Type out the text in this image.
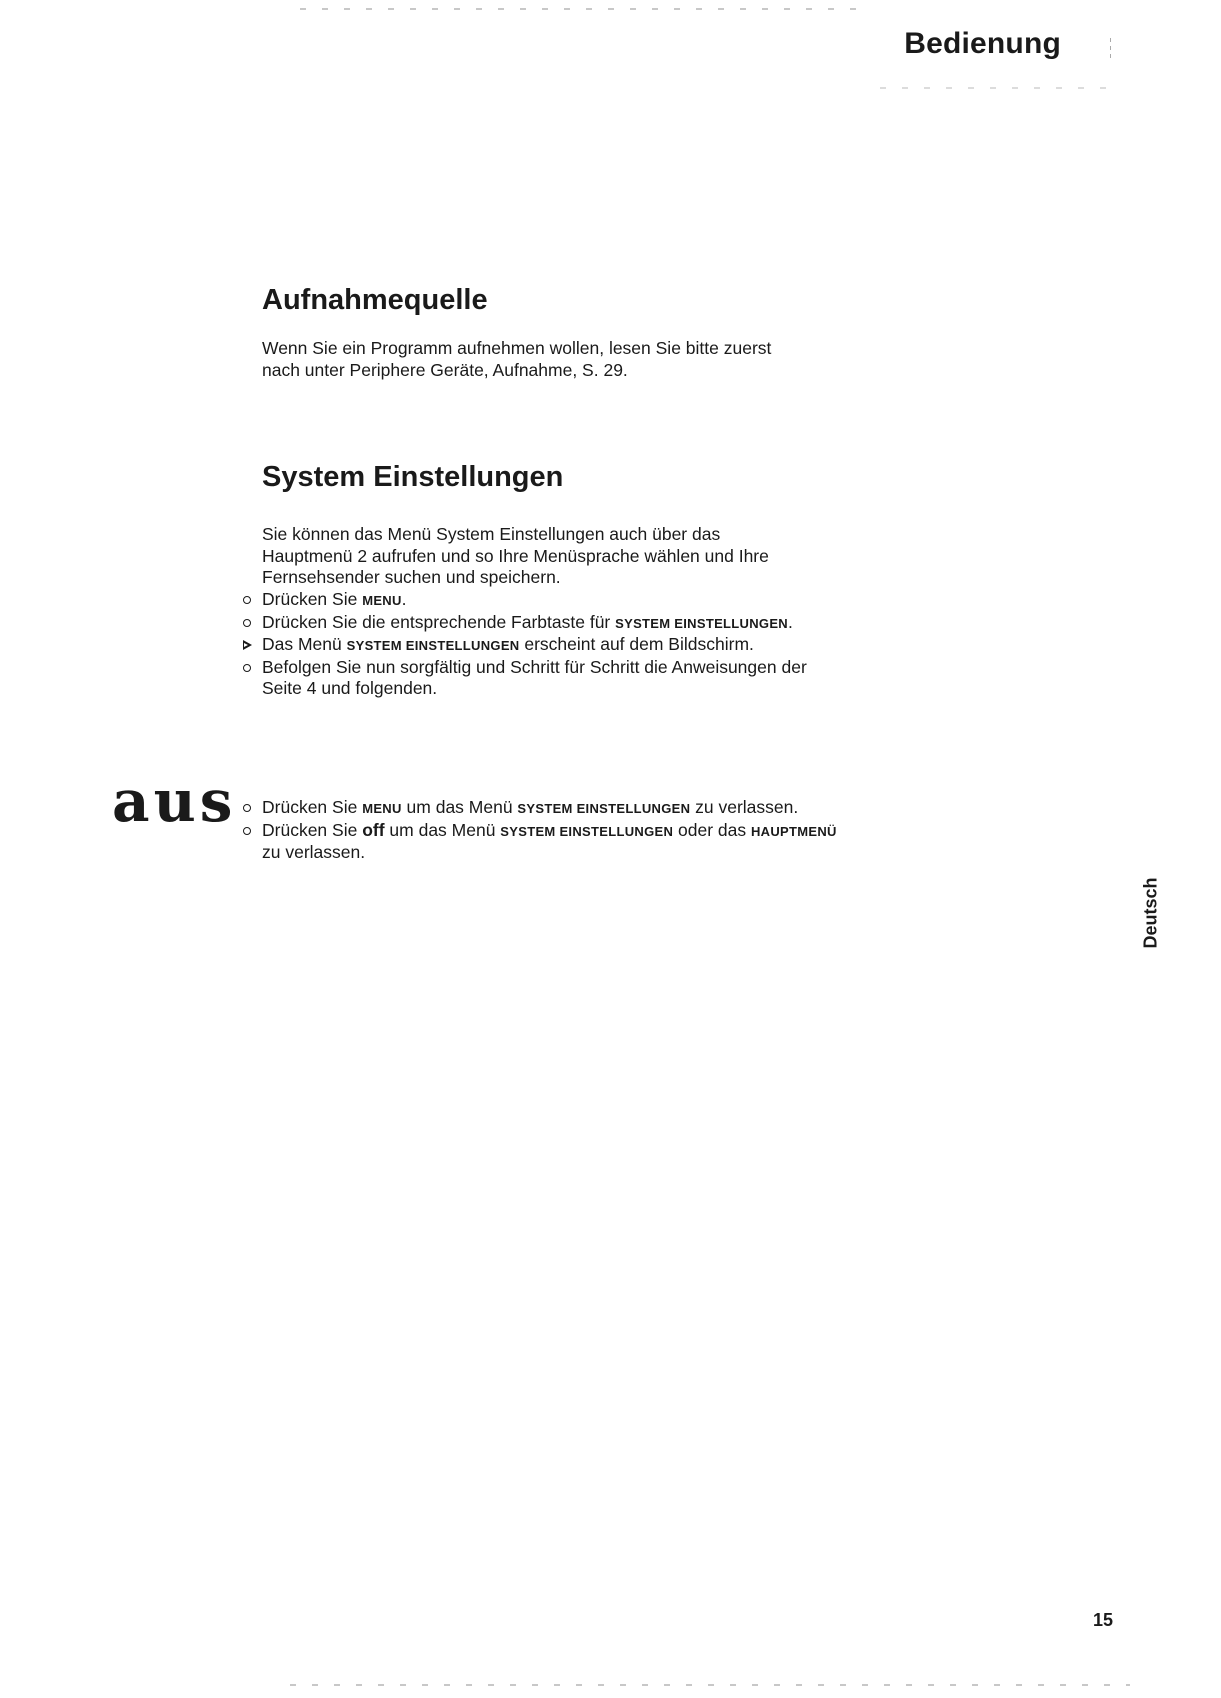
Bedienung
Aufnahmequelle
Wenn Sie ein Programm aufnehmen wollen, lesen Sie bitte zuerst
nach unter Periphere Geräte, Aufnahme, S. 29.
System Einstellungen
Sie können das Menü System Einstellungen auch über das
Hauptmenü 2 aufrufen und so Ihre Menüsprache wählen und Ihre
Fernsehsender suchen und speichern.
Drücken Sie MENU.
Drücken Sie die entsprechende Farbtaste für SYSTEM EINSTELLUNGEN.
Das Menü SYSTEM EINSTELLUNGEN erscheint auf dem Bildschirm.
Befolgen Sie nun sorgfältig und Schritt für Schritt die Anweisungen der
Seite 4 und folgenden.
aus Drücken Sie MENU um das Menü SYSTEM EINSTELLUNGEN zu verlassen.
Drücken Sie off um das Menü SYSTEM EINSTELLUNGEN oder das HAUPTMENÜ
zu verlassen.
Deutsch
15
